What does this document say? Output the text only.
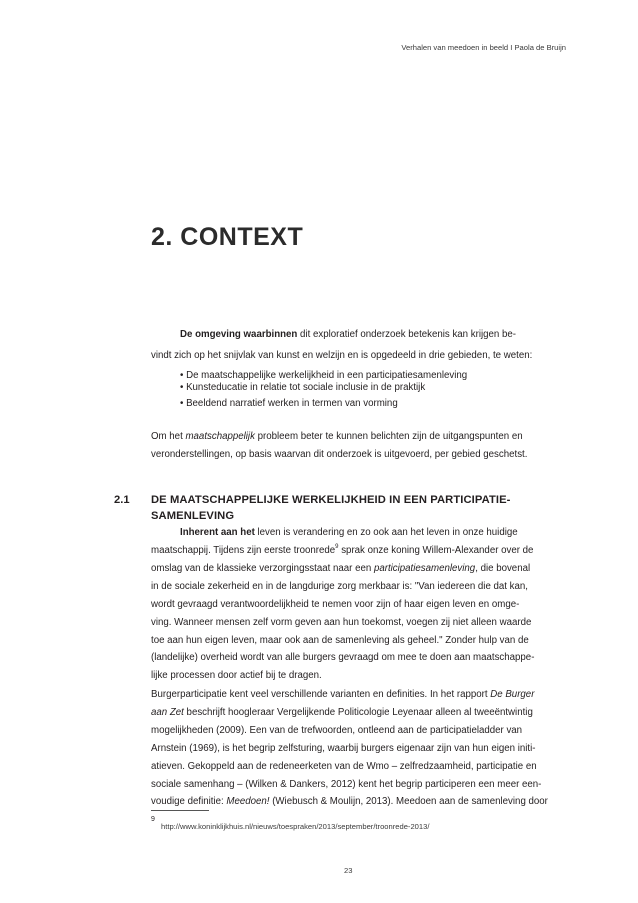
Verhalen van meedoen in beeld I Paola de Bruijn
2. CONTEXT
De omgeving waarbinnen dit exploratief onderzoek betekenis kan krijgen be-
vindt zich op het snijvlak van kunst en welzijn en is opgedeeld in drie gebieden, te weten:
• De maatschappelijke werkelijkheid in een participatiesamenleving
• Kunsteducatie in relatie tot sociale inclusie in de praktijk
• Beeldend narratief werken in termen van vorming
Om het maatschappelijk probleem beter te kunnen belichten zijn de uitgangspunten en
veronderstellingen, op basis waarvan dit onderzoek is uitgevoerd, per gebied geschetst.
2.1 DE MAATSCHAPPELIJKE WERKELIJKHEID IN EEN PARTICIPATIE-
SAMENLEVING
Inherent aan het leven is verandering en zo ook aan het leven in onze huidige
maatschappij. Tijdens zijn eerste troonrede$^9$ sprak onze koning Willem-Alexander over de
omslag van de klassieke verzorgingsstaat naar een participatiesamenleving, die bovenal
in de sociale zekerheid en in de langdurige zorg merkbaar is: "Van iedereen die dat kan,
wordt gevraagd verantwoordelijkheid te nemen voor zijn of haar eigen leven en omge-
ving. Wanneer mensen zelf vorm geven aan hun toekomst, voegen zij niet alleen waarde
toe aan hun eigen leven, maar ook aan de samenleving als geheel." Zonder hulp van de
(landelijke) overheid wordt van alle burgers gevraagd om mee te doen aan maatschappe-
lijke processen door actief bij te dragen.
Burgerparticipatie kent veel verschillende varianten en definities. In het rapport De Burger
aan Zet beschrijft hoogleraar Vergelijkende Politicologie Leyenaar alleen al tweeëntwintig
mogelijkheden (2009). Een van de trefwoorden, ontleend aan de participatieladder van
Arnstein (1969), is het begrip zelfsturing, waarbij burgers eigenaar zijn van hun eigen initi-
atieven. Gekoppeld aan de redeneerketen van de Wmo – zelfredzaamheid, participatie en
sociale samenhang – (Wilken & Dankers, 2012) kent het begrip participeren een meer een-
voudige definitie: Meedoen! (Wiebusch & Moulijn, 2013). Meedoen aan de samenleving door
9
http://www.koninklijkhuis.nl/nieuws/toespraken/2013/september/troonrede-2013/
23
